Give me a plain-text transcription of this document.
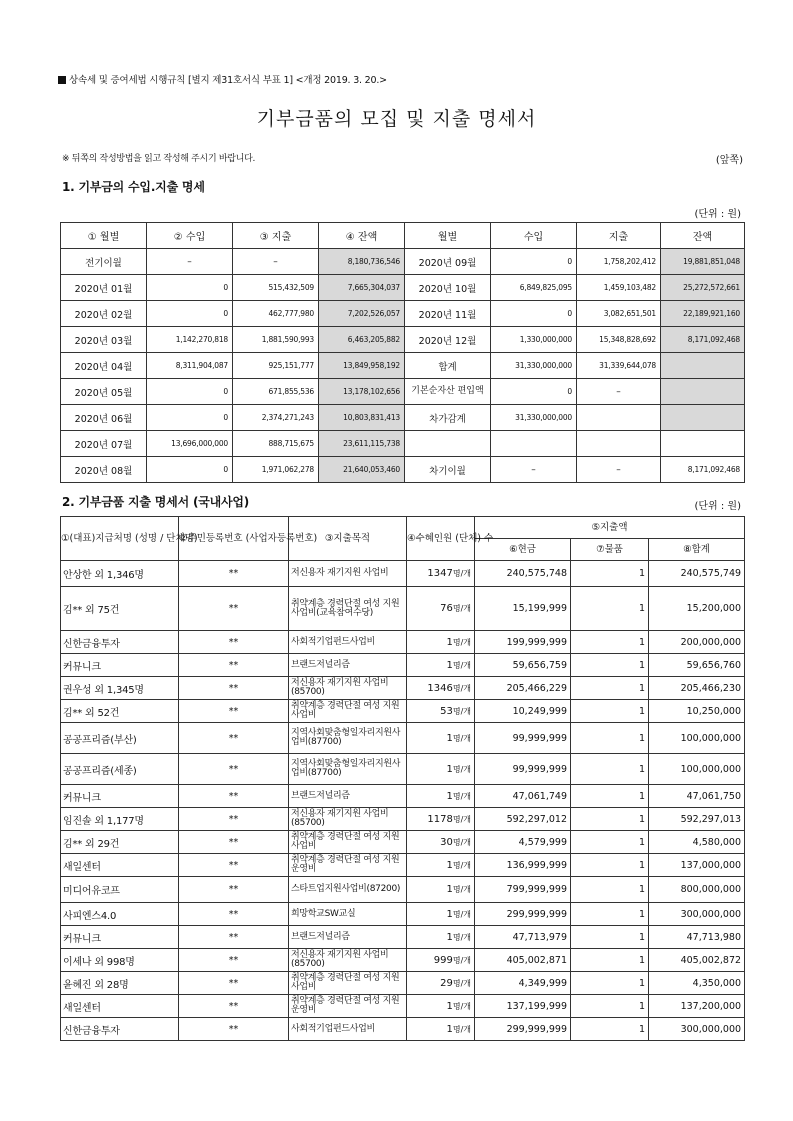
상속세 및 증여세법 시행규칙 [별지 제31호서식 부표 1] <개정 2019. 3. 20.>
기부금품의 모집 및 지출 명세서
※ 뒤쪽의 작성방법을 읽고 작성해 주시기 바랍니다.	(앞쪽)
1. 기부금의 수입.지출 명세
(단위 : 원)
① 월별	② 수입	③ 지출	④ 잔액	월별	수입	지출	잔액
전기이월	–	–	8,180,736,546	2020년 09월	0	1,758,202,412	19,881,851,048
2020년 01월	0	515,432,509	7,665,304,037	2020년 10월	6,849,825,095	1,459,103,482	25,272,572,661
2020년 02월	0	462,777,980	7,202,526,057	2020년 11월	0	3,082,651,501	22,189,921,160
2020년 03월	1,142,270,818	1,881,590,993	6,463,205,882	2020년 12월	1,330,000,000	15,348,828,692	8,171,092,468
2020년 04월	8,311,904,087	925,151,777	13,849,958,192	합계	31,330,000,000	31,339,644,078	
2020년 05월	0	671,855,536	13,178,102,656	기본순자산 편입액	0	–	
2020년 06월	0	2,374,271,243	10,803,831,413	차가감계	31,330,000,000		
2020년 07월	13,696,000,000	888,715,675	23,611,115,738				
2020년 08월	0	1,971,062,278	21,640,053,460	차기이월	–	–	8,171,092,468
2. 기부금품 지출 명세서 (국내사업)	(단위 : 원)
①(대표)지급처명 (성명 / 단체명)	②주민등록번호 (사업자등록번호)	③지출목적	④수혜인원 (단체) 수	⑤지출액		
				⑥현금	⑦물품	⑧합계
안상한 외 1,346명	**	저신용자 재기지원 사업비	1347명/개	240,575,748	1	240,575,749
김** 외 75건	**	취약계층 경력단절 여성 지원 사업비(교육참여수당)	76명/개	15,199,999	1	15,200,000
신한금융투자	**	사회적기업펀드사업비	1명/개	199,999,999	1	200,000,000
커뮤니크	**	브랜드저널리즘	1명/개	59,656,759	1	59,656,760
권우성 외 1,345명	**	저신용자 재기지원 사업비(85700)	1346명/개	205,466,229	1	205,466,230
김** 외 52건	**	취약계층 경력단절 여성 지원 사업비	53명/개	10,249,999	1	10,250,000
공공프리즘(부산)	**	지역사회맞춤형일자리지원사업비(87700)	1명/개	99,999,999	1	100,000,000
공공프리즘(세종)	**	지역사회맞춤형일자리지원사업비(87700)	1명/개	99,999,999	1	100,000,000
커뮤니크	**	브랜드저널리즘	1명/개	47,061,749	1	47,061,750
임진솔 외 1,177명	**	저신용자 재기지원 사업비(85700)	1178명/개	592,297,012	1	592,297,013
김** 외 29건	**	취약계층 경력단절 여성 지원 사업비	30명/개	4,579,999	1	4,580,000
새일센터	**	취약계층 경력단절 여성 지원 운영비	1명/개	136,999,999	1	137,000,000
미디어유코프	**	스타트업지원사업비(87200)	1명/개	799,999,999	1	800,000,000
사피엔스4.0	**	희망학교SW교실	1명/개	299,999,999	1	300,000,000
커뮤니크	**	브랜드저널리즘	1명/개	47,713,979	1	47,713,980
이세나 외 998명	**	저신용자 재기지원 사업비(85700)	999명/개	405,002,871	1	405,002,872
윤혜진 외 28명	**	취약계층 경력단절 여성 지원 사업비	29명/개	4,349,999	1	4,350,000
새일센터	**	취약계층 경력단절 여성 지원 운영비	1명/개	137,199,999	1	137,200,000
신한금융투자	**	사회적기업펀드사업비	1명/개	299,999,999	1	300,000,000
